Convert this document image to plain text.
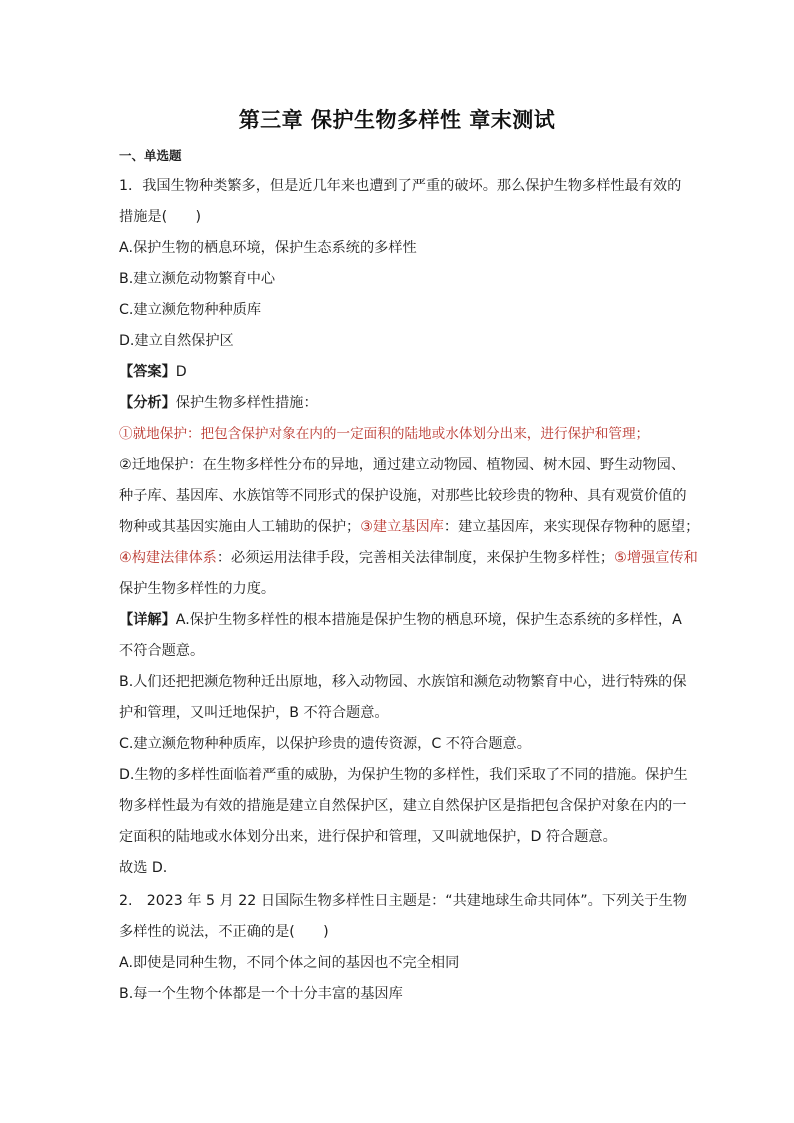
第三章 保护生物多样性 章末测试
一、单选题
1．我国生物种类繁多，但是近几年来也遭到了严重的破坏。那么保护生物多样性最有效的
措施是(　　)
A.保护生物的栖息环境，保护生态系统的多样性
B.建立濒危动物繁育中心
C.建立濒危物种种质库
D.建立自然保护区
【答案】D
【分析】保护生物多样性措施：
①就地保护：把包含保护对象在内的一定面积的陆地或水体划分出来，进行保护和管理；
②迁地保护：在生物多样性分布的异地，通过建立动物园、植物园、树木园、野生动物园、
种子库、基因库、水族馆等不同形式的保护设施，对那些比较珍贵的物种、具有观赏价值的
物种或其基因实施由人工辅助的保护；③建立基因库：建立基因库，来实现保存物种的愿望；
④构建法律体系：必须运用法律手段，完善相关法律制度，来保护生物多样性；⑤增强宣传和
保护生物多样性的力度。
【详解】A.保护生物多样性的根本措施是保护生物的栖息环境，保护生态系统的多样性，A
不符合题意。
B.人们还把把濒危物种迁出原地，移入动物园、水族馆和濒危动物繁育中心，进行特殊的保
护和管理，又叫迁地保护，B 不符合题意。
C.建立濒危物种种质库，以保护珍贵的遗传资源，C 不符合题意。
D.生物的多样性面临着严重的威胁，为保护生物的多样性，我们采取了不同的措施。保护生
物多样性最为有效的措施是建立自然保护区，建立自然保护区是指把包含保护对象在内的一
定面积的陆地或水体划分出来，进行保护和管理，又叫就地保护，D 符合题意。
故选 D.
2.　2023 年 5 月 22 日国际生物多样性日主题是：“共建地球生命共同体”。下列关于生物
多样性的说法，不正确的是(　　)
A.即使是同种生物，不同个体之间的基因也不完全相同
B.每一个生物个体都是一个十分丰富的基因库
